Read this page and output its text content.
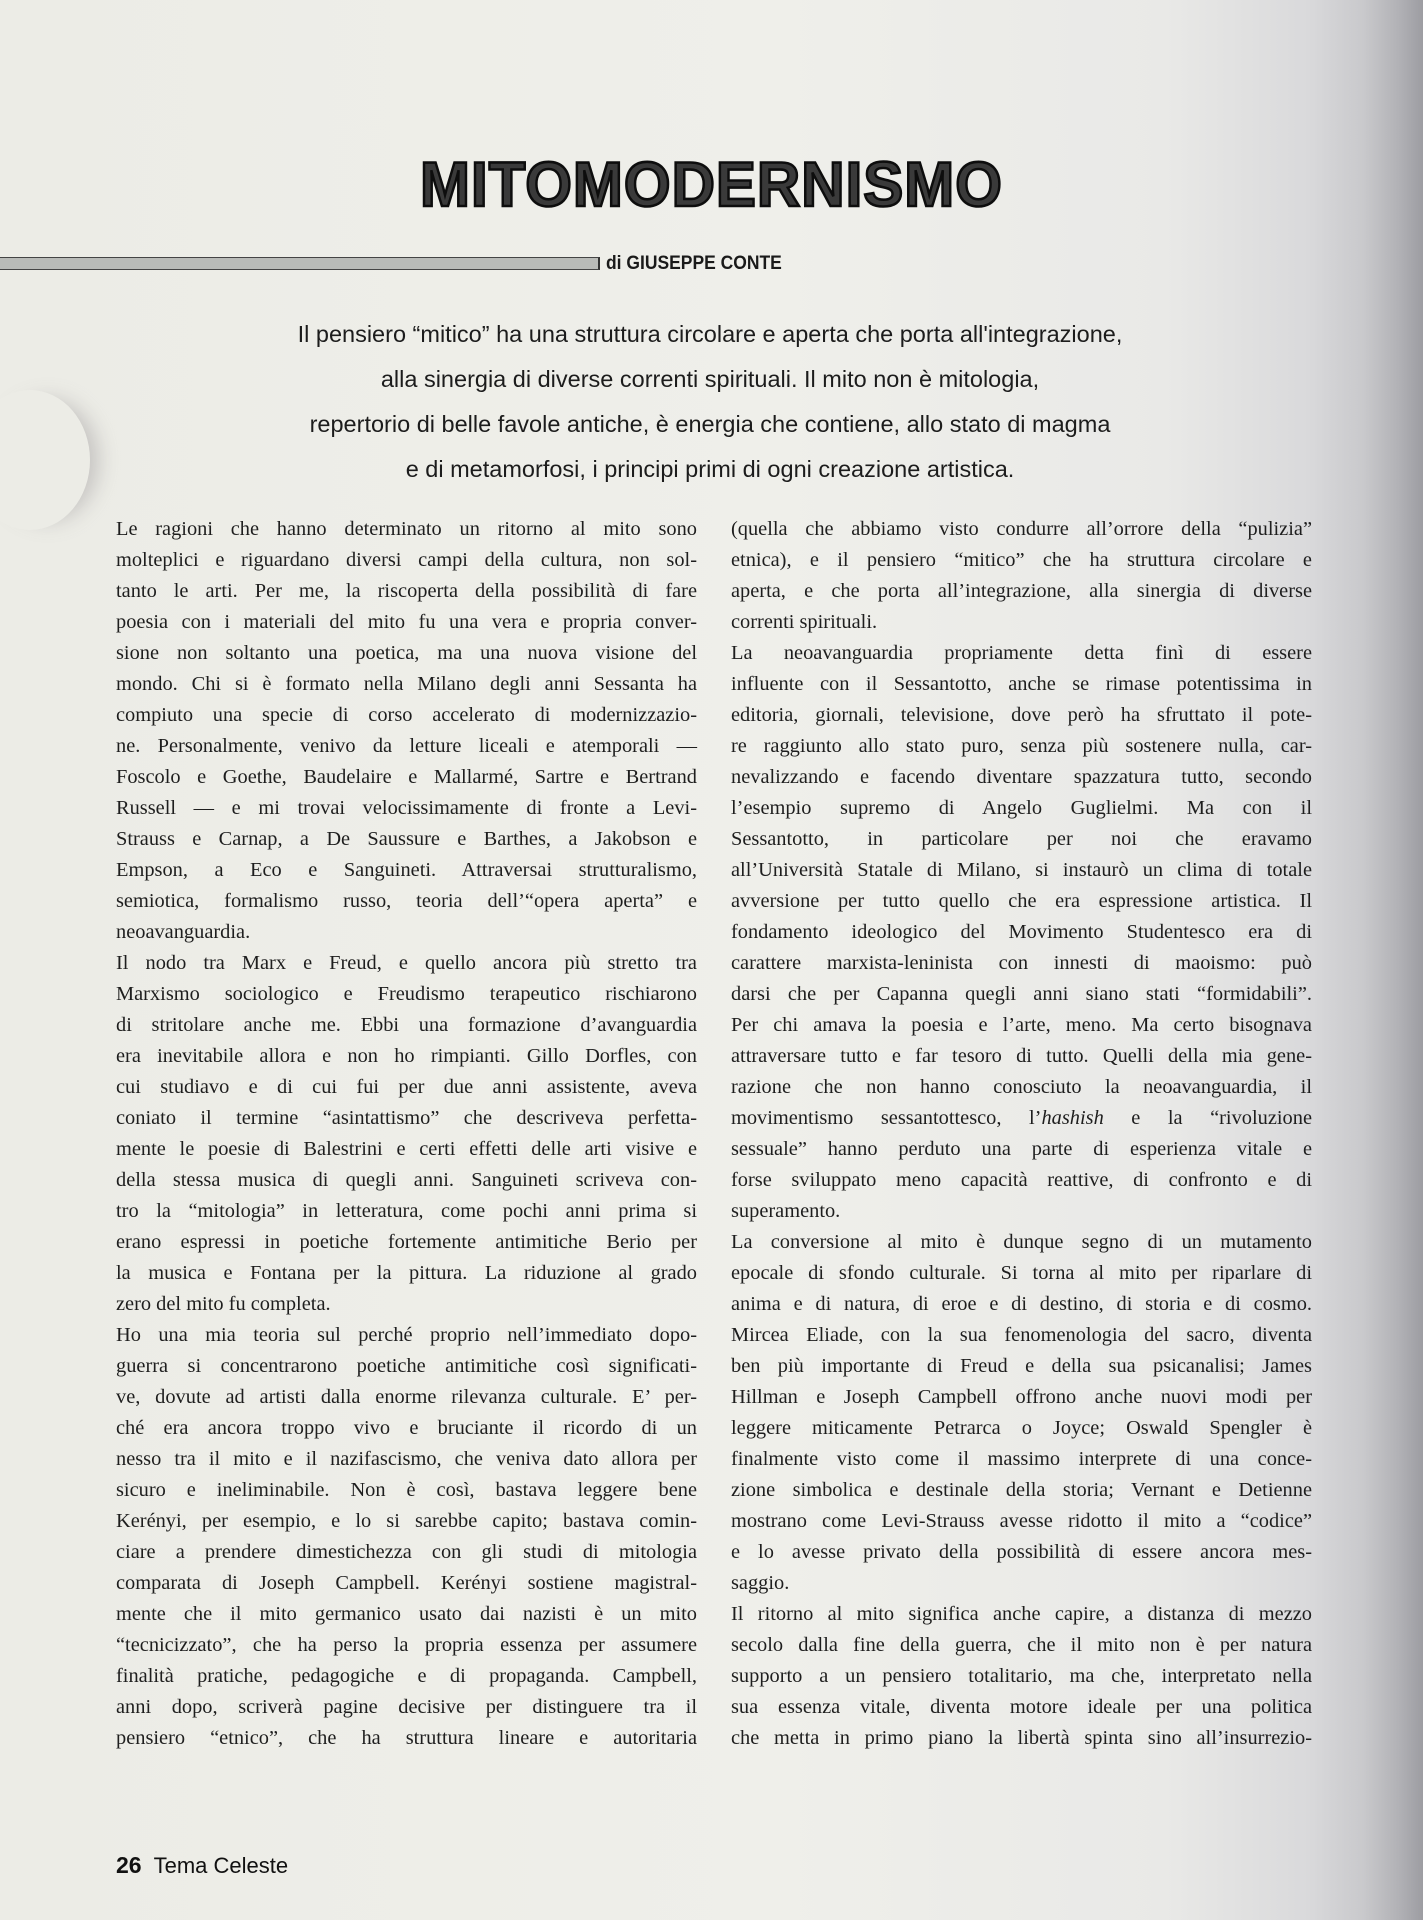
MITOMODERNISMO
di GIUSEPPE CONTE
Il pensiero “mitico” ha una struttura circolare e aperta che porta all'integrazione,
alla sinergia di diverse correnti spirituali. Il mito non è mitologia,
repertorio di belle favole antiche, è energia che contiene, allo stato di magma
e di metamorfosi, i principi primi di ogni creazione artistica.
Le ragioni che hanno determinato un ritorno al mito sono
molteplici e riguardano diversi campi della cultura, non sol-
tanto le arti. Per me, la riscoperta della possibilità di fare
poesia con i materiali del mito fu una vera e propria conver-
sione non soltanto una poetica, ma una nuova visione del
mondo. Chi si è formato nella Milano degli anni Sessanta ha
compiuto una specie di corso accelerato di modernizzazio-
ne. Personalmente, venivo da letture liceali e atemporali —
Foscolo e Goethe, Baudelaire e Mallarmé, Sartre e Bertrand
Russell — e mi trovai velocissimamente di fronte a Levi-
Strauss e Carnap, a De Saussure e Barthes, a Jakobson e
Empson, a Eco e Sanguineti. Attraversai strutturalismo,
semiotica, formalismo russo, teoria dell’“opera aperta” e
neoavanguardia.
Il nodo tra Marx e Freud, e quello ancora più stretto tra
Marxismo sociologico e Freudismo terapeutico rischiarono
di stritolare anche me. Ebbi una formazione d’avanguardia
era inevitabile allora e non ho rimpianti. Gillo Dorfles, con
cui studiavo e di cui fui per due anni assistente, aveva
coniato il termine “asintattismo” che descriveva perfetta-
mente le poesie di Balestrini e certi effetti delle arti visive e
della stessa musica di quegli anni. Sanguineti scriveva con-
tro la “mitologia” in letteratura, come pochi anni prima si
erano espressi in poetiche fortemente antimitiche Berio per
la musica e Fontana per la pittura. La riduzione al grado
zero del mito fu completa.
Ho una mia teoria sul perché proprio nell’immediato dopo-
guerra si concentrarono poetiche antimitiche così significati-
ve, dovute ad artisti dalla enorme rilevanza culturale. E’ per-
ché era ancora troppo vivo e bruciante il ricordo di un
nesso tra il mito e il nazifascismo, che veniva dato allora per
sicuro e ineliminabile. Non è così, bastava leggere bene
Kerényi, per esempio, e lo si sarebbe capito; bastava comin-
ciare a prendere dimestichezza con gli studi di mitologia
comparata di Joseph Campbell. Kerényi sostiene magistral-
mente che il mito germanico usato dai nazisti è un mito
“tecnicizzato”, che ha perso la propria essenza per assumere
finalità pratiche, pedagogiche e di propaganda. Campbell,
anni dopo, scriverà pagine decisive per distinguere tra il
pensiero “etnico”, che ha struttura lineare e autoritaria
(quella che abbiamo visto condurre all’orrore della “pulizia”
etnica), e il pensiero “mitico” che ha struttura circolare e
aperta, e che porta all’integrazione, alla sinergia di diverse
correnti spirituali.
La neoavanguardia propriamente detta finì di essere
influente con il Sessantotto, anche se rimase potentissima in
editoria, giornali, televisione, dove però ha sfruttato il pote-
re raggiunto allo stato puro, senza più sostenere nulla, car-
nevalizzando e facendo diventare spazzatura tutto, secondo
l’esempio supremo di Angelo Guglielmi. Ma con il
Sessantotto, in particolare per noi che eravamo
all’Università Statale di Milano, si instaurò un clima di totale
avversione per tutto quello che era espressione artistica. Il
fondamento ideologico del Movimento Studentesco era di
carattere marxista-leninista con innesti di maoismo: può
darsi che per Capanna quegli anni siano stati “formidabili”.
Per chi amava la poesia e l’arte, meno. Ma certo bisognava
attraversare tutto e far tesoro di tutto. Quelli della mia gene-
razione che non hanno conosciuto la neoavanguardia, il
movimentismo sessantottesco, l’hashish e la “rivoluzione
sessuale” hanno perduto una parte di esperienza vitale e
forse sviluppato meno capacità reattive, di confronto e di
superamento.
La conversione al mito è dunque segno di un mutamento
epocale di sfondo culturale. Si torna al mito per riparlare di
anima e di natura, di eroe e di destino, di storia e di cosmo.
Mircea Eliade, con la sua fenomenologia del sacro, diventa
ben più importante di Freud e della sua psicanalisi; James
Hillman e Joseph Campbell offrono anche nuovi modi per
leggere miticamente Petrarca o Joyce; Oswald Spengler è
finalmente visto come il massimo interprete di una conce-
zione simbolica e destinale della storia; Vernant e Detienne
mostrano come Levi-Strauss avesse ridotto il mito a “codice”
e lo avesse privato della possibilità di essere ancora mes-
saggio.
Il ritorno al mito significa anche capire, a distanza di mezzo
secolo dalla fine della guerra, che il mito non è per natura
supporto a un pensiero totalitario, ma che, interpretato nella
sua essenza vitale, diventa motore ideale per una politica
che metta in primo piano la libertà spinta sino all’insurrezio-
26 Tema Celeste
